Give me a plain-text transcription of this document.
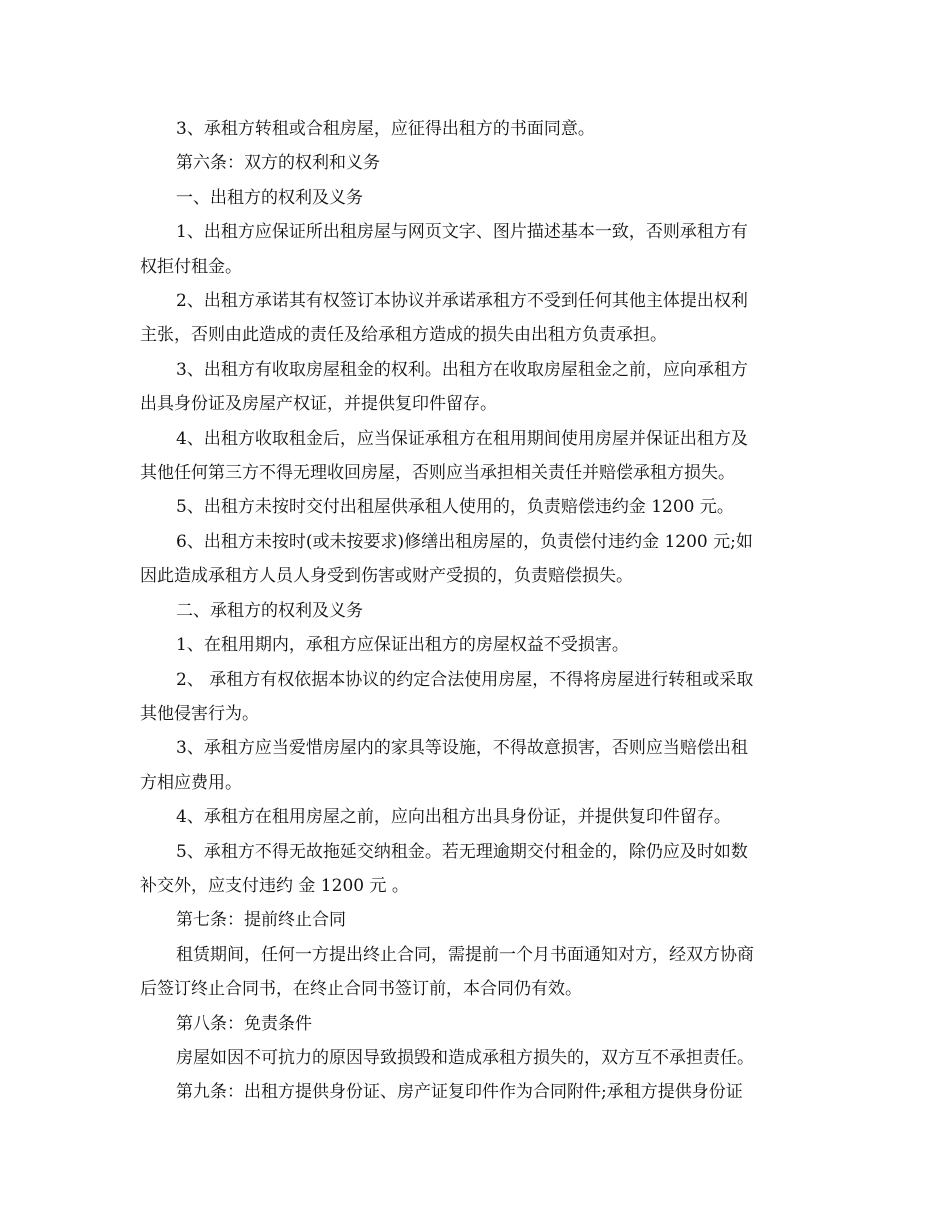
3、承租方转租或合租房屋，应征得出租方的书面同意。

第六条：双方的权利和义务

一、出租方的权利及义务

1、出租方应保证所出租房屋与网页文字、图片描述基本一致，否则承租方有

权拒付租金。

2、出租方承诺其有权签订本协议并承诺承租方不受到任何其他主体提出权利

主张，否则由此造成的责任及给承租方造成的损失由出租方负责承担。

3、出租方有收取房屋租金的权利。出租方在收取房屋租金之前，应向承租方

出具身份证及房屋产权证，并提供复印件留存。

4、出租方收取租金后，应当保证承租方在租用期间使用房屋并保证出租方及

其他任何第三方不得无理收回房屋，否则应当承担相关责任并赔偿承租方损失。

5、出租方未按时交付出租屋供承租人使用的，负责赔偿违约金 1200 元。

6、出租方未按时(或未按要求)修缮出租房屋的，负责偿付违约金 1200 元;如

因此造成承租方人员人身受到伤害或财产受损的，负责赔偿损失。

二、承租方的权利及义务

1、在租用期内，承租方应保证出租方的房屋权益不受损害。

2、 承租方有权依据本协议的约定合法使用房屋，不得将房屋进行转租或采取

其他侵害行为。

3、承租方应当爱惜房屋内的家具等设施，不得故意损害，否则应当赔偿出租

方相应费用。

4、承租方在租用房屋之前，应向出租方出具身份证，并提供复印件留存。

5、承租方不得无故拖延交纳租金。若无理逾期交付租金的，除仍应及时如数

补交外，应支付违约 金 1200 元 。

第七条：提前终止合同

租赁期间，任何一方提出终止合同，需提前一个月书面通知对方，经双方协商

后签订终止合同书，在终止合同书签订前，本合同仍有效。

第八条：免责条件

房屋如因不可抗力的原因导致损毁和造成承租方损失的，双方互不承担责任。

第九条：出租方提供身份证、房产证复印件作为合同附件;承租方提供身份证
